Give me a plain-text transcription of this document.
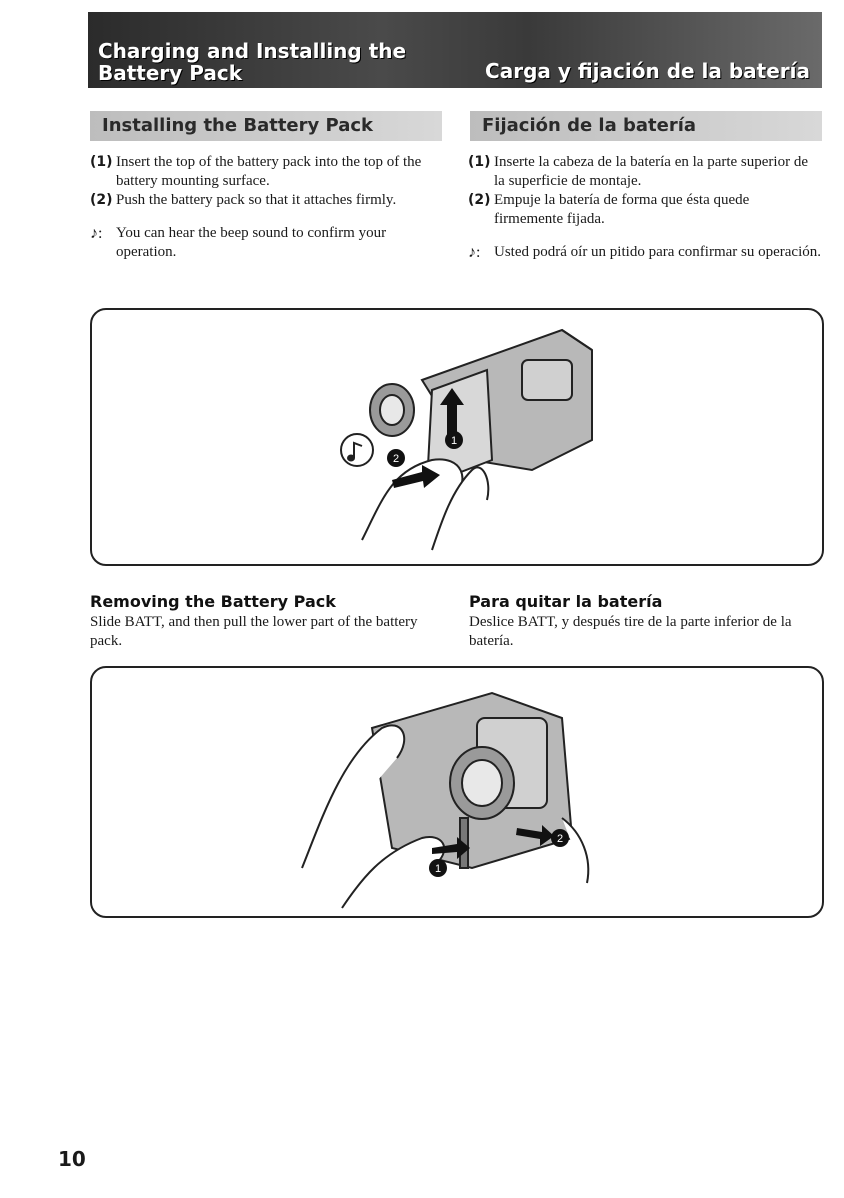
Charging and Installing the Battery Pack	Carga y fijación de la batería
Installing the Battery Pack	Fijación de la batería
(1) Insert the top of the battery pack into the top of the battery mounting surface.
(2) Push the battery pack so that it attaches firmly.
♪: You can hear the beep sound to confirm your operation.
(1) Inserte la cabeza de la batería en la parte superior de la superficie de montaje.
(2) Empuje la batería de forma que ésta quede firmemente fijada.
♪: Usted podrá oír un pitido para confirmar su operación.
1
2
Removing the Battery Pack	Para quitar la batería
Slide BATT, and then pull the lower part of the battery pack.
Deslice BATT, y después tire de la parte inferior de la batería.
1
2
10
